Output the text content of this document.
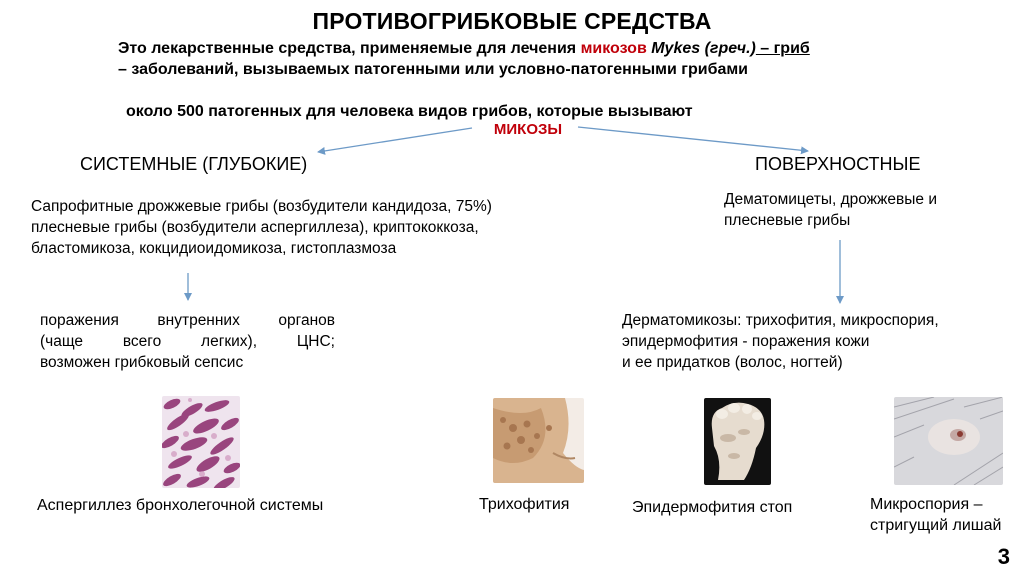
ПРОТИВОГРИБКОВЫЕ СРЕДСТВА
Это лекарственные средства, применяемые для лечения микозов Mykes (греч.) – гриб
– заболеваний, вызываемых патогенными или условно-патогенными грибами
около 500 патогенных для человека видов грибов, которые вызывают
МИКОЗЫ
СИСТЕМНЫЕ (ГЛУБОКИЕ)
Сапрофитные дрожжевые грибы (возбудители кандидоза, 75%)
плесневые грибы (возбудители аспергиллеза), криптококкоза,
бластомикоза, кокцидиоидомикоза, гистоплазмоза
поражения внутренних органов
(чаще всего легких), ЦНС;
возможен грибковый сепсис
ПОВЕРХНОСТНЫЕ
Дематомицеты, дрожжевые и
плесневые грибы
Дерматомикозы: трихофития, микроспория,
эпидермофития - поражения кожи
и ее придатков (волос, ногтей)
Аспергиллез бронхолегочной системы	Трихофития	Эпидермофития стоп	Микроспория –
стригущий лишай
3
